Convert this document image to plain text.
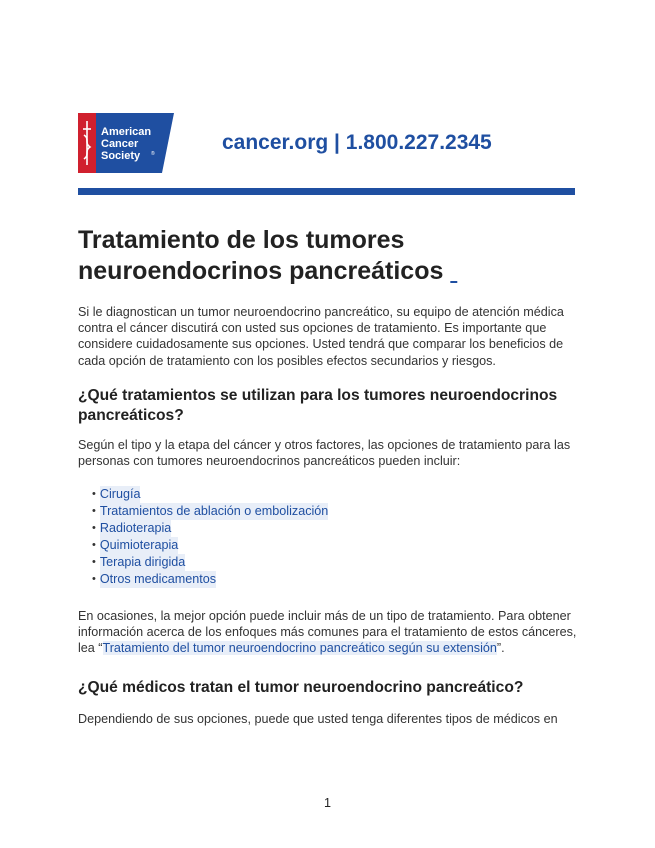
American
Cancer
Society ®	cancer.org | 1.800.227.2345
Tratamiento de los tumores neuroendocrinos pancreáticos

Si le diagnostican un tumor neuroendocrino pancreático, su equipo de atención médica contra el cáncer discutirá con usted sus opciones de tratamiento. Es importante que considere cuidadosamente sus opciones. Usted tendrá que comparar los beneficios de cada opción de tratamiento con los posibles efectos secundarios y riesgos.

¿Qué tratamientos se utilizan para los tumores neuroendocrinos pancreáticos?

Según el tipo y la etapa del cáncer y otros factores, las opciones de tratamiento para las personas con tumores neuroendocrinos pancreáticos pueden incluir:

• Cirugía
• Tratamientos de ablación o embolización
• Radioterapia
• Quimioterapia
• Terapia dirigida
• Otros medicamentos

En ocasiones, la mejor opción puede incluir más de un tipo de tratamiento. Para obtener información acerca de los enfoques más comunes para el tratamiento de estos cánceres, lea “Tratamiento del tumor neuroendocrino pancreático según su extensión”.

¿Qué médicos tratan el tumor neuroendocrino pancreático?

Dependiendo de sus opciones, puede que usted tenga diferentes tipos de médicos en

1
